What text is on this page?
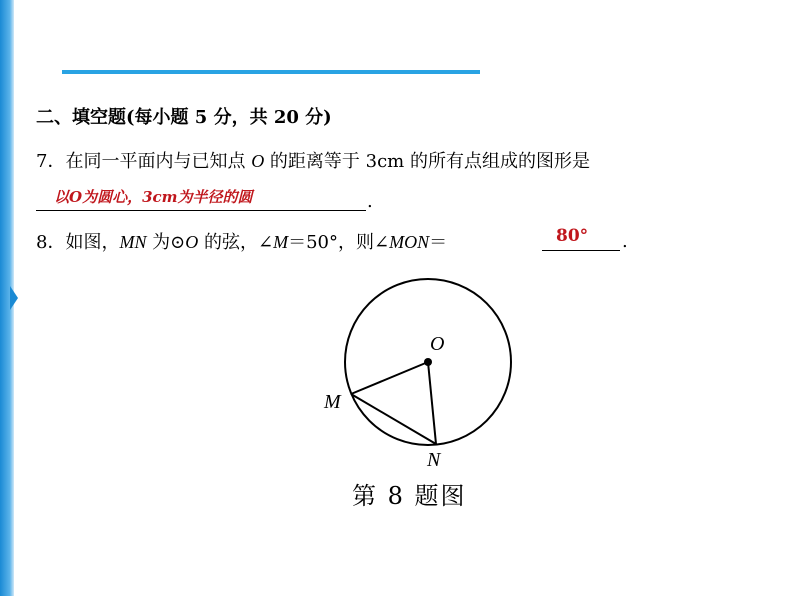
二、填空题(每小题 5 分，共 20 分)
7．在同一平面内与已知点 O 的距离等于 3cm 的所有点组成的图形是
以O为圆心，3cm为半径的圆	.
8．如图，MN 为⊙O 的弦，∠M＝50°，则∠MON＝	80° .
O
M
N
第 8 题图
